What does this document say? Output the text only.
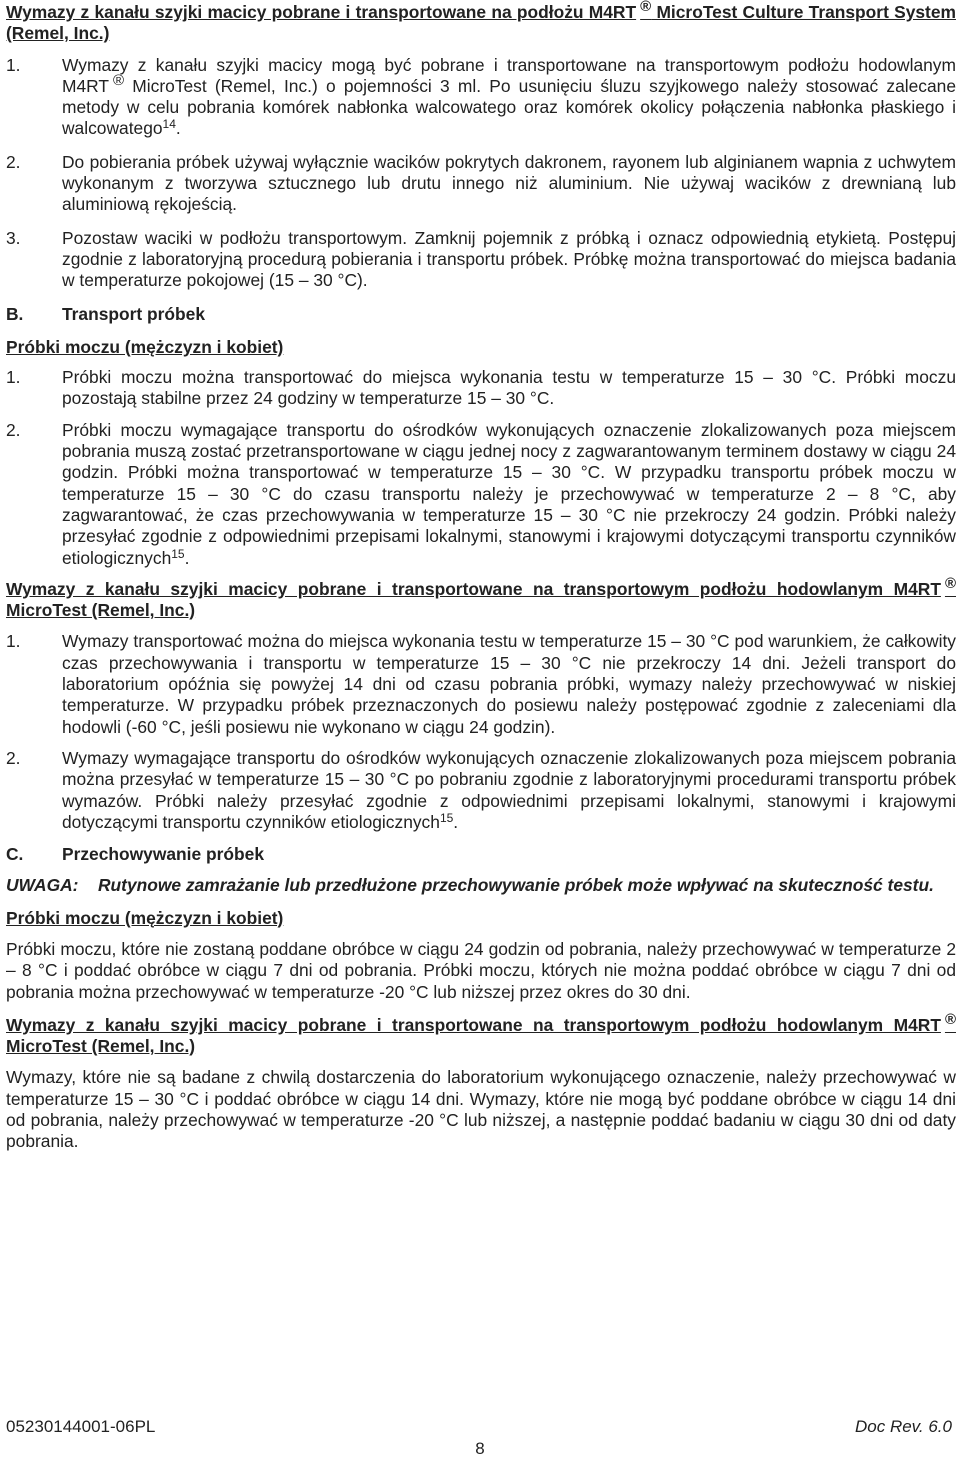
Wymazy z kanału szyjki macicy pobrane i transportowane na podłożu M4RT ® MicroTest Culture Transport System (Remel, Inc.)

1. Wymazy z kanału szyjki macicy mogą być pobrane i transportowane na transportowym podłożu hodowlanym M4RT ® MicroTest (Remel, Inc.) o pojemności 3 ml. Po usunięciu śluzu szyjkowego należy stosować zalecane metody w celu pobrania komórek nabłonka walcowatego oraz komórek okolicy połączenia nabłonka płaskiego i walcowatego$^{14}$.

2. Do pobierania próbek używaj wyłącznie wacików pokrytych dakronem, rayonem lub alginianem wapnia z uchwytem wykonanym z tworzywa sztucznego lub drutu innego niż aluminium. Nie używaj wacików z drewnianą lub aluminiową rękojeścią.

3. Pozostaw waciki w podłożu transportowym. Zamknij pojemnik z próbką i oznacz odpowiednią etykietą. Postępuj zgodnie z laboratoryjną procedurą pobierania i transportu próbek. Próbkę można transportować do miejsca badania w temperaturze pokojowej (15 – 30 °C).

B. Transport próbek

Próbki moczu (mężczyzn i kobiet)

1. Próbki moczu można transportować do miejsca wykonania testu w temperaturze 15 – 30 °C. Próbki moczu pozostają stabilne przez 24 godziny w temperaturze 15 – 30 °C.

2. Próbki moczu wymagające transportu do ośrodków wykonujących oznaczenie zlokalizowanych poza miejscem pobrania muszą zostać przetransportowane w ciągu jednej nocy z zagwarantowanym terminem dostawy w ciągu 24 godzin. Próbki można transportować w temperaturze 15 – 30 °C. W przypadku transportu próbek moczu w temperaturze 15 – 30 °C do czasu transportu należy je przechowywać w temperaturze 2 – 8 °C, aby zagwarantować, że czas przechowywania w temperaturze 15 – 30 °C nie przekroczy 24 godzin. Próbki należy przesyłać zgodnie z odpowiednimi przepisami lokalnymi, stanowymi i krajowymi dotyczącymi transportu czynników etiologicznych$^{15}$.

Wymazy z kanału szyjki macicy pobrane i transportowane na transportowym podłożu hodowlanym M4RT ® MicroTest (Remel, Inc.)

1. Wymazy transportować można do miejsca wykonania testu w temperaturze 15 – 30 °C pod warunkiem, że całkowity czas przechowywania i transportu w temperaturze 15 – 30 °C nie przekroczy 14 dni. Jeżeli transport do laboratorium opóźnia się powyżej 14 dni od czasu pobrania próbki, wymazy należy przechowywać w niskiej temperaturze. W przypadku próbek przeznaczonych do posiewu należy postępować zgodnie z zaleceniami dla hodowli (-60 °C, jeśli posiewu nie wykonano w ciągu 24 godzin).

2. Wymazy wymagające transportu do ośrodków wykonujących oznaczenie zlokalizowanych poza miejscem pobrania można przesyłać w temperaturze 15 – 30 °C po pobraniu zgodnie z laboratoryjnymi procedurami transportu próbek wymazów. Próbki należy przesyłać zgodnie z odpowiednimi przepisami lokalnymi, stanowymi i krajowymi dotyczącymi transportu czynników etiologicznych$^{15}$.

C. Przechowywanie próbek

UWAGA: Rutynowe zamrażanie lub przedłużone przechowywanie próbek może wpływać na skuteczność testu.

Próbki moczu (mężczyzn i kobiet)

Próbki moczu, które nie zostaną poddane obróbce w ciągu 24 godzin od pobrania, należy przechowywać w temperaturze 2 – 8 °C i poddać obróbce w ciągu 7 dni od pobrania. Próbki moczu, których nie można poddać obróbce w ciągu 7 dni od pobrania można przechowywać w temperaturze -20 °C lub niższej przez okres do 30 dni.

Wymazy z kanału szyjki macicy pobrane i transportowane na transportowym podłożu hodowlanym M4RT ® MicroTest (Remel, Inc.)

Wymazy, które nie są badane z chwilą dostarczenia do laboratorium wykonującego oznaczenie, należy przechowywać w temperaturze 15 – 30 °C i poddać obróbce w ciągu 14 dni. Wymazy, które nie mogą być poddane obróbce w ciągu 14 dni od pobrania, należy przechowywać w temperaturze -20 °C lub niższej, a następnie poddać badaniu w ciągu 30 dni od daty pobrania.

05230144001-06PL	Doc Rev. 6.0
8
